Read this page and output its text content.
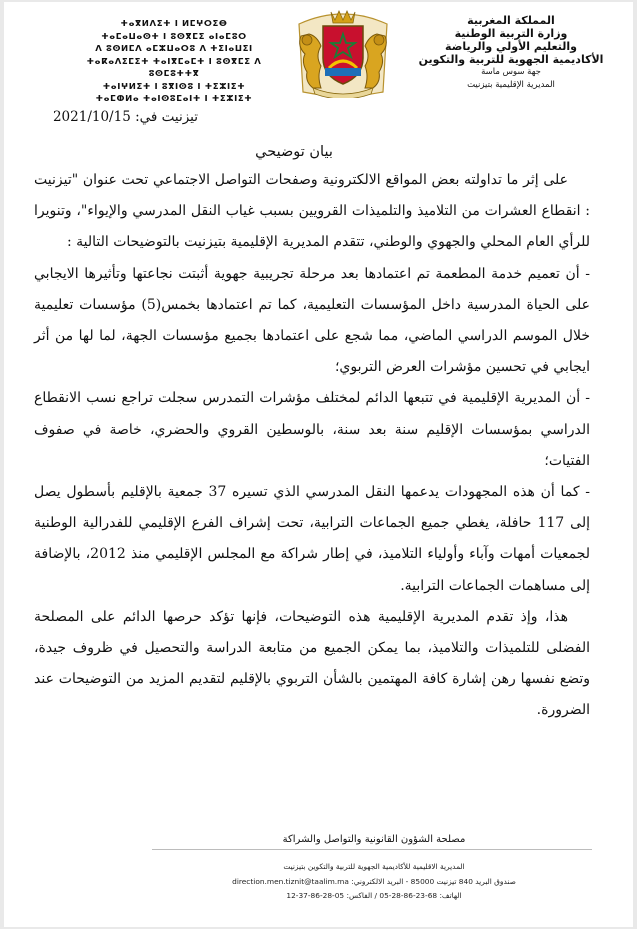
ⵜⴰⴳⵍⴷⵉⵜ ⵏ ⵍⵎⵖⵔⵉⴱ
ⵜⴰⵎⴰⵡⴰⵙⵜ ⵏ ⵓⵙⴳⵎⵉ ⴰⵏⴰⵎⵓⵔ
ⴷ ⵓⵙⵍⵎⴷ ⴰⵎⵣⵡⴰⵔⵓ ⴷ ⵜⵉⵏⴰⵡⵉⵏ
ⵜⴰⴽⴰⴷⵉⵎⵉⵜ ⵜⴰⵏⴳⵎⴰⵎⵜ ⵏ ⵓⵙⴳⵎⵉ ⴷ ⵓⵙⵎⵓⵜⵜⴳ
ⵜⴰⵏⵖⵍⵉⵜ ⵏ ⵓⴳⵏⵙⵓ ⵏ ⵜⵉⵣⵏⵉⵜ
ⵜⴰⵎⵀⵍⴰ ⵜⴰⵏⵙⵓⵎⴰⵏⵜ ⵏ ⵜⵉⵣⵏⵉⵜ
المملكة المغربية
وزارة التربية الوطنية
والتعليم الأولي والرياضة
الأكاديمية الجهوية للتربية والتكوين
جهة سوس ماسة
المديرية الإقليمية بتيزنيت
تيزنيت في: 2021/10/15
بيان توضيحي

على إثر ما تداولته بعض المواقع الالكترونية وصفحات التواصل الاجتماعي تحت عنوان "تيزنيت : انقطاع العشرات من التلاميذ والتلميذات القرويين بسبب غياب النقل المدرسي والإيواء"، وتنويرا للرأي العام المحلي والجهوي والوطني، تتقدم المديرية الإقليمية بتيزنيت بالتوضيحات التالية :

- أن تعميم خدمة المطعمة تم اعتمادها بعد مرحلة تجريبية جهوية أثبتت نجاعتها وتأثيرها الايجابي على الحياة المدرسية داخل المؤسسات التعليمية، كما تم اعتمادها بخمس(5) مؤسسات تعليمية خلال الموسم الدراسي الماضي، مما شجع على اعتمادها بجميع مؤسسات الجهة، لما لها من أثر ايجابي في تحسين مؤشرات العرض التربوي؛

- أن المديرية الإقليمية في تتبعها الدائم لمختلف مؤشرات التمدرس سجلت تراجع نسب الانقطاع الدراسي بمؤسسات الإقليم سنة بعد سنة، بالوسطين القروي والحضري، خاصة في صفوف الفتيات؛

- كما أن هذه المجهودات يدعمها النقل المدرسي الذي تسيره 37 جمعية بالإقليم بأسطول يصل إلى 117 حافلة، يغطي جميع الجماعات الترابية، تحت إشراف الفرع الإقليمي للفدرالية الوطنية لجمعيات أمهات وآباء وأولياء التلاميذ، في إطار شراكة مع المجلس الإقليمي منذ 2012، بالإضافة إلى مساهمات الجماعات الترابية.

هذا، وإذ تقدم المديرية الإقليمية هذه التوضيحات، فإنها تؤكد حرصها الدائم على المصلحة الفضلى للتلميذات والتلاميذ، بما يمكن الجميع من متابعة الدراسة والتحصيل في ظروف جيدة، وتضع نفسها رهن إشارة كافة المهتمين بالشأن التربوي بالإقليم لتقديم المزيد من التوضيحات عند الضرورة.

مصلحة الشؤون القانونية والتواصل والشراكة
المديرية الاقليمية للأكاديمية الجهوية للتربية والتكوين بتيزنيت
صندوق البريد 840 تيزنيت 85000 - البريد الالكتروني: direction.men.tiznit@taalim.ma
الهاتف: 68-23-86-28-05 / الفاكس: 05-28-86-37-12
